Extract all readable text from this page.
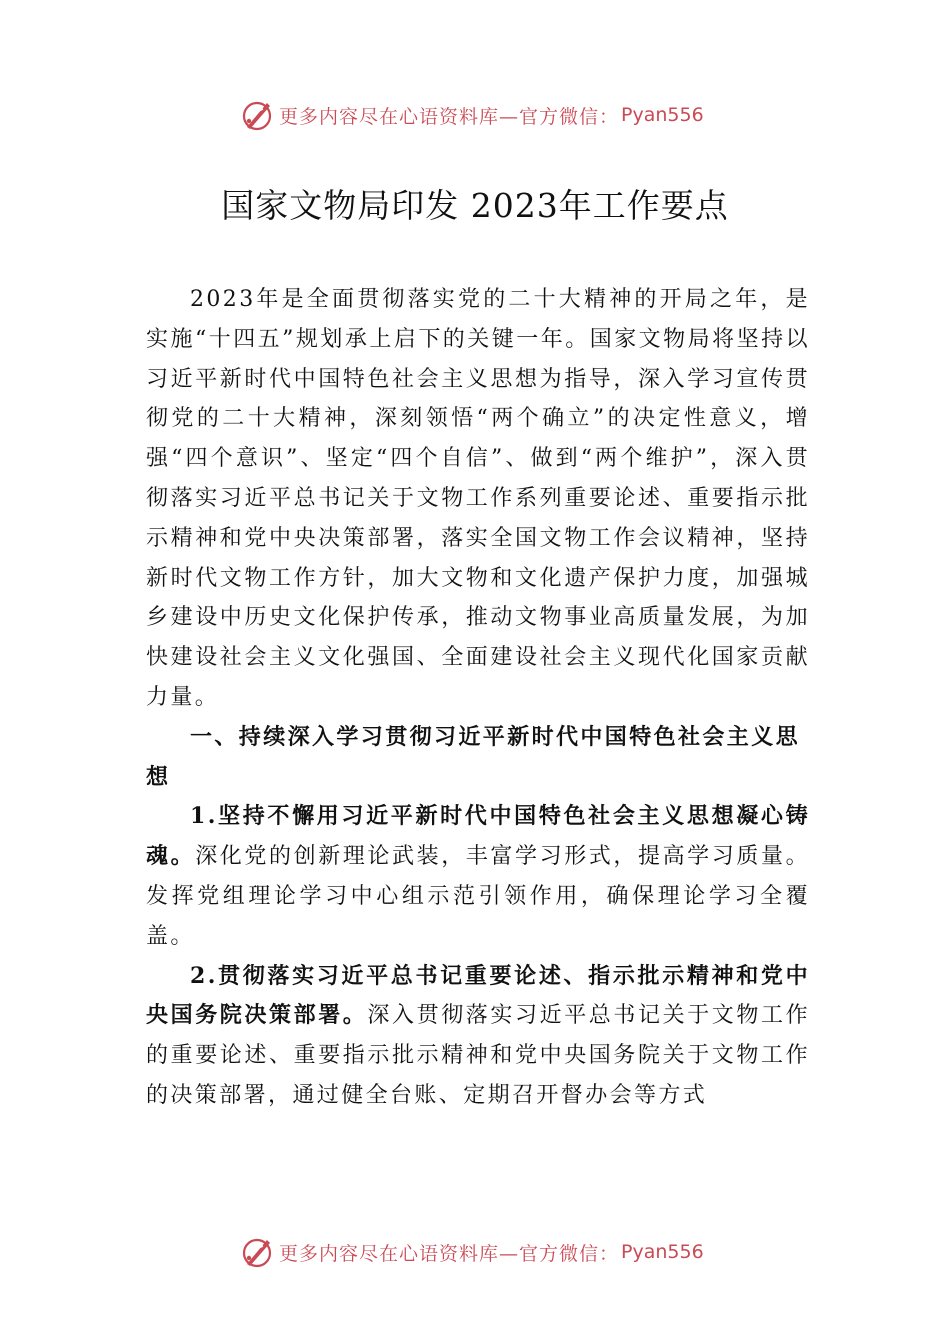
更多内容尽在心语资料库—官方微信： Pyan556
国家文物局印发 2023年工作要点

2023年是全面贯彻落实党的二十大精神的开局之年，是实施“十四五”规划承上启下的关键一年。国家文物局将坚持以习近平新时代中国特色社会主义思想为指导，深入学习宣传贯彻党的二十大精神，深刻领悟“两个确立”的决定性意义，增强“四个意识”、坚定“四个自信”、做到“两个维护”，深入贯彻落实习近平总书记关于文物工作系列重要论述、重要指示批示精神和党中央决策部署，落实全国文物工作会议精神，坚持新时代文物工作方针，加大文物和文化遗产保护力度，加强城乡建设中历史文化保护传承，推动文物事业高质量发展，为加快建设社会主义文化强国、全面建设社会主义现代化国家贡献力量。

一、持续深入学习贯彻习近平新时代中国特色社会主义思想

1.坚持不懈用习近平新时代中国特色社会主义思想凝心铸魂。深化党的创新理论武装，丰富学习形式，提高学习质量。发挥党组理论学习中心组示范引领作用，确保理论学习全覆盖。

2.贯彻落实习近平总书记重要论述、指示批示精神和党中央国务院决策部署。深入贯彻落实习近平总书记关于文物工作的重要论述、重要指示批示精神和党中央国务院关于文物工作的决策部署，通过健全台账、定期召开督办会等方式

更多内容尽在心语资料库—官方微信： Pyan556
